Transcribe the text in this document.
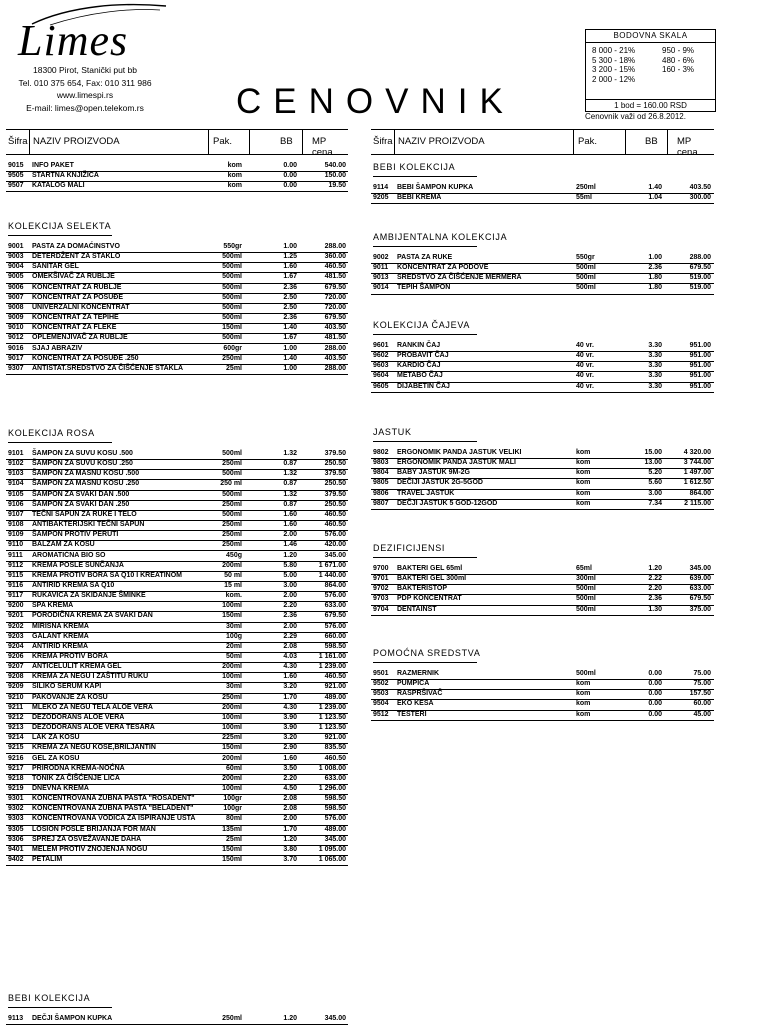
Limes
18300 Pirot, Stanički put bb
Tel. 010 375 654, Fax: 010 311 986
www.limespi.rs
E-mail: limes@open.telekom.rs	CENOVNIK
BODOVNA SKALA
8 000 - 21%
5 300 - 18%
3 200 - 15%
2 000 - 12%
950 - 9%
480 - 6%
160 - 3%
1 bod = 160.00 RSD
Cenovnik važi od 26.8.2012.
Šifra NAZIV PROIZVODA	Pak.	BB MP cena
Šifra NAZIV PROIZVODA	Pak.	BB MP cena
9015 INFO PAKET	kom	0.00	540.00
9505 STARTNA KNJIŽICA	kom	0.00	150.00
9507 KATALOG MALI	kom	0.00	19.50
KOLEKCIJA SELEKTA
9001 PASTA ZA DOMAĆINSTVO	550gr	1.00	288.00
9003 DETERDŽENT ZA STAKLO	500ml	1.25	360.00
9004 SANITAR GEL	500ml	1.60	460.50
9005 OMEKŠIVAČ ZA RUBLJE	500ml	1.67	481.50
9006 KONCENTRAT ZA RUBLJE	500ml	2.36	679.50
9007 KONCENTRAT ZA POSUĐE	500ml	2.50	720.00
9008 UNIVERZALNI KONCENTRAT	500ml	2.50	720.00
9009 KONCENTRAT ZA TEPIHE	500ml	2.36	679.50
9010 KONCENTRAT ZA FLEKE	150ml	1.40	403.50
9012 OPLEMENJIVAČ ZA RUBLJE	500ml	1.67	481.50
9016 SJAJ ABRAZIV	600gr	1.00	288.00
9017 KONCENTRAT ZA POSUĐE .250	250ml	1.40	403.50
9307 ANTISTAT.SREDSTVO ZA ČIŠĆENJE STAKLA	25ml	1.00	288.00
KOLEKCIJA ROSA
9101 ŠAMPON ZA SUVU KOSU .500	500ml	1.32	379.50
9102 ŠAMPON ZA SUVU KOSU .250	250ml	0.87	250.50
9103 ŠAMPON ZA MASNU KOSU .500	500ml	1.32	379.50
9104 ŠAMPON ZA MASNU KOSU .250	250 ml	0.87	250.50
9105 ŠAMPON ZA SVAKI DAN .500	500ml	1.32	379.50
9106 ŠAMPON ZA SVAKI DAN .250	250ml	0.87	250.50
9107 TEČNI SAPUN ZA RUKE I TELO	500ml	1.60	460.50
9108 ANTIBAKTERIJSKI TEČNI SAPUN	250ml	1.60	460.50
9109 ŠAMPON PROTIV PERUTI	250ml	2.00	576.00
9110 BALZAM ZA KOSU	250ml	1.46	420.00
9111 AROMATIČNA BIO SO	450g	1.20	345.00
9112 KREMA POSLE SUNČANJA	200ml	5.80	1 671.00
9115 KREMA PROTIV BORA SA Q10 I KREATINOM	50 ml	5.00	1 440.00
9116 ANTIRID KREMA SA Q10	15 ml	3.00	864.00
9117 RUKAVICA ZA SKIDANJE ŠMINKE	kom.	2.00	576.00
9200 SPA KREMA	100ml	2.20	633.00
9201 PORODIČNA KREMA ZA SVAKI DAN	150ml	2.36	679.50
9202 MIRISNA KREMA	30ml	2.00	576.00
9203 GALANT KREMA	100g	2.29	660.00
9204 ANTIRID KREMA	20ml	2.08	598.50
9206 KREMA PROTIV BORA	50ml	4.03	1 161.00
9207 ANTICELULIT KREMA GEL	200ml	4.30	1 239.00
9208 KREMA ZA NEGU I ZAŠTITU RUKU	100ml	1.60	460.50
9209 SILIKO SERUM KAPI	30ml	3.20	921.00
9210 PAKOVANJE ZA KOSU	250ml	1.70	489.00
9211 MLEKO ZA NEGU TELA ALOE VERA	200ml	4.30	1 239.00
9212 DEZODORANS ALOE VERA	100ml	3.90	1 123.50
9213 DEZODORANS ALOE VERA TESARA	100ml	3.90	1 123.50
9214 LAK ZA KOSU	225ml	3.20	921.00
9215 KREMA ZA NEGU KOSE,BRILJANTIN	150ml	2.90	835.50
9216 GEL ZA KOSU	200ml	1.60	460.50
9217 PRIRODNA KREMA-NOĆNA	60ml	3.50	1 008.00
9218 TONIK ZA ČIŠĆENJE LICA	200ml	2.20	633.00
9219 DNEVNA KREMA	100ml	4.50	1 296.00
9301 KONCENTROVANA ZUBNA PASTA "ROSADENT"	100gr	2.08	598.50
9302 KONCENTROVANA ZUBNA PASTA "BELADENT"	100gr	2.08	598.50
9303 KONCENTROVANA VODICA ZA ISPIRANJE USTA	80ml	2.00	576.00
9305 LOSION POSLE BRIJANJA FOR MAN	135ml	1.70	489.00
9306 SPREJ ZA OSVEŽAVANJE DAHA	25ml	1.20	345.00
9401 MELEM PROTIV ZNOJENJA NOGU	150ml	3.80	1 095.00
9402 PETALIM	150ml	3.70	1 065.00
BEBI KOLEKCIJA
9113 DEČJI ŠAMPON KUPKA	250ml	1.20	345.00
BEBI KOLEKCIJA
9114 BEBI ŠAMPON KUPKA	250ml	1.40	403.50
9205 BEBI KREMA	55ml	1.04	300.00
AMBIJENTALNA KOLEKCIJA
9002 PASTA ZA RUKE	550gr	1.00	288.00
9011 KONCENTRAT ZA PODOVE	500ml	2.36	679.50
9013 SREDSTVO ZA ČIŠĆENJE MERMERA	500ml	1.80	519.00
9014 TEPIH ŠAMPON	500ml	1.80	519.00
KOLEKCIJA ČAJEVA
9601 RANKIN ČAJ	40 vr.	3.30	951.00
9602 PROBAVIT ČAJ	40 vr.	3.30	951.00
9603 KARDIO ČAJ	40 vr.	3.30	951.00
9604 METABO ČAJ	40 vr.	3.30	951.00
9605 DIJABETIN ČAJ	40 vr.	3.30	951.00
JASTUK
9802 ERGONOMIK PANDA JASTUK VELIKI	kom	15.00	4 320.00
9803 ERGONOMIK PANDA JASTUK MALI	kom	13.00	3 744.00
9804 BABY JASTUK 9M-2G	kom	5.20	1 497.00
9805 DEČIJI JASTUK 2G-5GOD	kom	5.60	1 612.50
9806 TRAVEL JASTUK	kom	3.00	864.00
9807 DEČJI JASTUK 5 GOD-12GOD	kom	7.34	2 115.00
DEZIFICIJENSI
9700 BAKTERI GEL 65ml	65ml	1.20	345.00
9701 BAKTERI GEL 300ml	300ml	2.22	639.00
9702 BAKTERISTOP	500ml	2.20	633.00
9703 PDP KONCENTRAT	500ml	2.36	679.50
9704 DENTAINST	500ml	1.30	375.00
POMOĆNA SREDSTVA
9501 RAZMERNIK	500ml	0.00	75.00
9502 PUMPICA	kom	0.00	75.00
9503 RASPRŠIVAČ	kom	0.00	157.50
9504 EKO KESA	kom	0.00	60.00
9512 TESTERI	kom	0.00	45.00
